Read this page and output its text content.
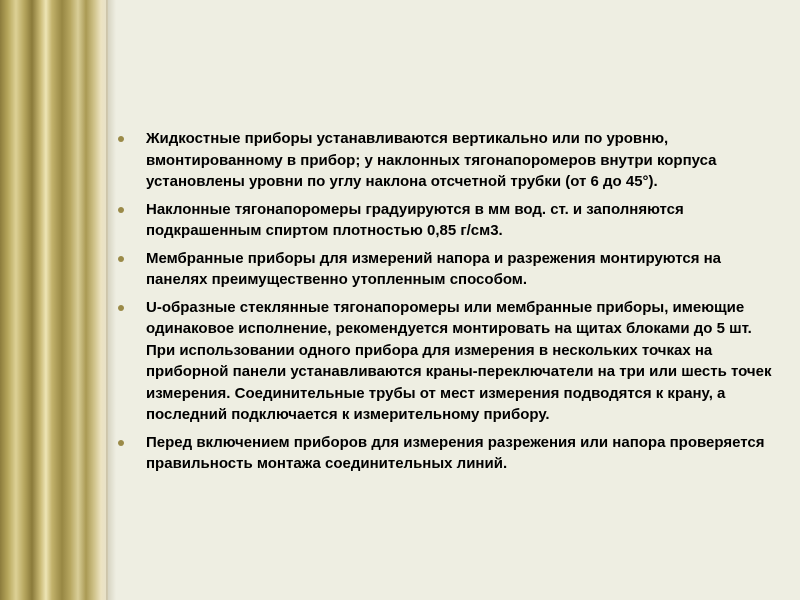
Жидкостные приборы устанавливаются вертикально или по уровню, вмонтированному в прибор; у наклонных тягонапоромеров внутри корпуса установлены уровни по углу наклона отсчетной трубки (от 6 до 45°).
Наклонные тягонапоромеры градуируются в мм вод. ст. и заполняются подкрашенным спиртом плотностью 0,85 г/см3.
Мембранные приборы для измерений напора и разрежения монтируются на панелях преимущественно утопленным способом.
U-образные стеклянные тягонапоромеры или мембранные приборы, имеющие одинаковое исполнение, рекомендуется монтировать на щитах блоками до 5 шт. При использовании одного прибора для измерения в нескольких точках на приборной панели устанавливаются краны-переключатели на три или шесть точек измерения. Соединительные трубы от мест измерения подводятся к крану, а последний подключается к измерительному прибору.
Перед включением приборов для измерения разрежения или напора проверяется правильность монтажа соединительных линий.
